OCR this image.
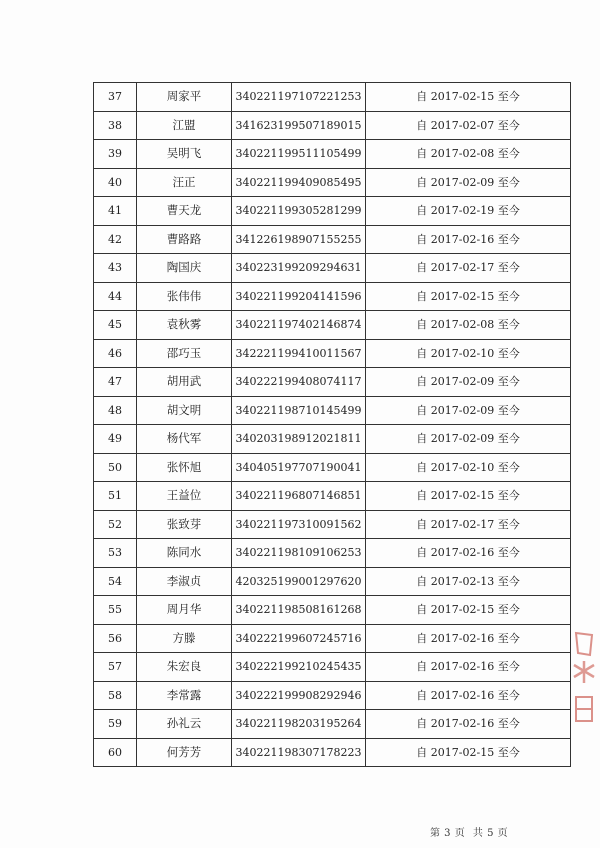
37	周家平	340221197107221253	自 2017-02-15 至今
38	江盟	341623199507189015	自 2017-02-07 至今
39	吴明飞	340221199511105499	自 2017-02-08 至今
40	汪正	340221199409085495	自 2017-02-09 至今
41	曹天龙	340221199305281299	自 2017-02-19 至今
42	曹路路	341226198907155255	自 2017-02-16 至今
43	陶国庆	340223199209294631	自 2017-02-17 至今
44	张伟伟	340221199204141596	自 2017-02-15 至今
45	袁秋雾	340221197402146874	自 2017-02-08 至今
46	邵巧玉	342221199410011567	自 2017-02-10 至今
47	胡用武	340222199408074117	自 2017-02-09 至今
48	胡文明	340221198710145499	自 2017-02-09 至今
49	杨代军	340203198912021811	自 2017-02-09 至今
50	张怀旭	340405197707190041	自 2017-02-10 至今
51	王益位	340221196807146851	自 2017-02-15 至今
52	张致芽	340221197310091562	自 2017-02-17 至今
53	陈同水	340221198109106253	自 2017-02-16 至今
54	李淑贞	420325199001297620	自 2017-02-13 至今
55	周月华	340221198508161268	自 2017-02-15 至今
56	方滕	340222199607245716	自 2017-02-16 至今
57	朱宏良	340222199210245435	自 2017-02-16 至今
58	李常露	340222199908292946	自 2017-02-16 至今
59	孙礼云	340221198203195264	自 2017-02-16 至今
60	何芳芳	340221198307178223	自 2017-02-15 至今
第 3 页 共 5 页
